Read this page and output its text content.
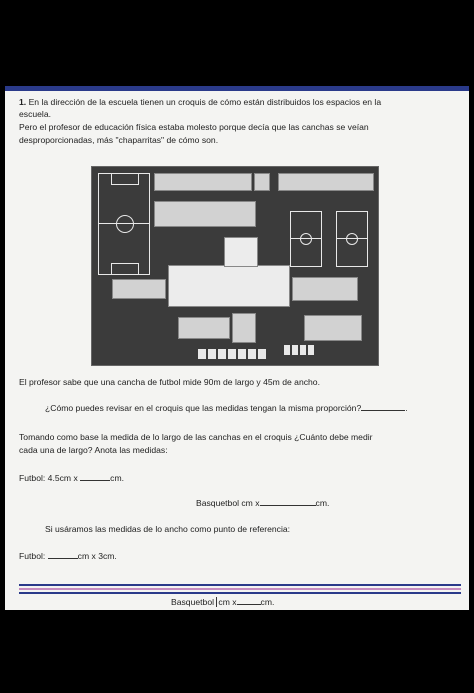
1. En la dirección de la escuela tienen un croquis de cómo están distribuidos los espacios en la
escuela.
Pero el profesor de educación física estaba molesto porque decía que las canchas se veían
desproporcionadas, más "chaparritas" de cómo son.
El profesor sabe que una cancha de futbol mide 90m de largo y 45m de ancho.
¿Cómo puedes revisar en el croquis que las medidas tengan la misma proporción?	.
Tomando como base la medida de lo largo de las canchas en el croquis ¿Cuánto debe medir
cada una de largo? Anota las medidas:
Futbol: 4.5cm x	cm.
Basquetbol cm x	cm.
Si usáramos las medidas de lo ancho como punto de referencia:
Futbol:	cm x 3cm.
Basquetbol cm x	cm.
